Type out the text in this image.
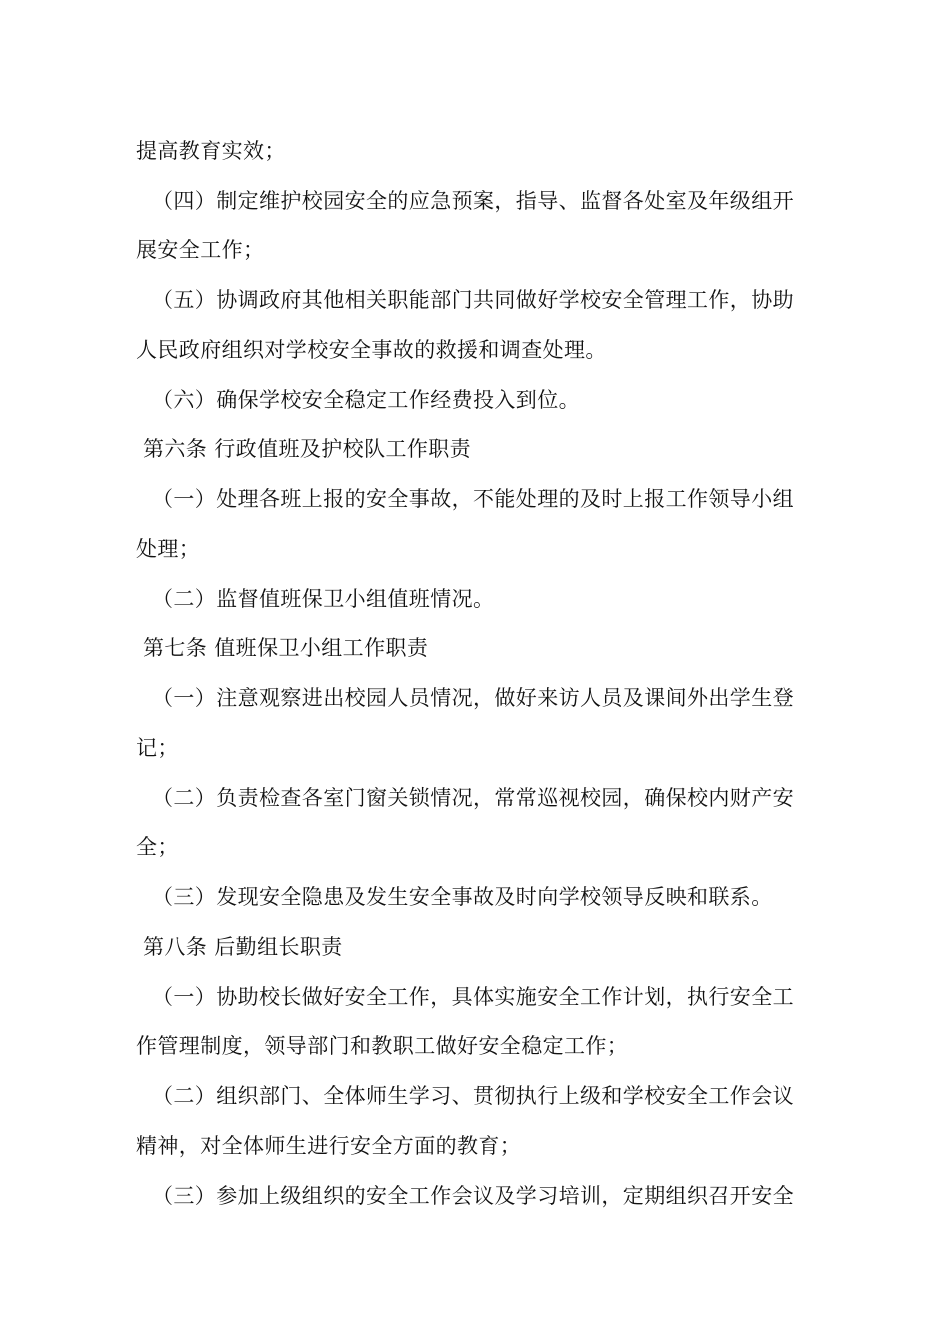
提高教育实效；
（四）制定维护校园安全的应急预案，指导、监督各处室及年级组开
展安全工作；
（五）协调政府其他相关职能部门共同做好学校安全管理工作，协助
人民政府组织对学校安全事故的救援和调查处理。
（六）确保学校安全稳定工作经费投入到位。
第六条 行政值班及护校队工作职责
（一）处理各班上报的安全事故，不能处理的及时上报工作领导小组
处理；
（二）监督值班保卫小组值班情况。
第七条 值班保卫小组工作职责
（一）注意观察进出校园人员情况，做好来访人员及课间外出学生登
记；
（二）负责检查各室门窗关锁情况，常常巡视校园，确保校内财产安
全；
（三）发现安全隐患及发生安全事故及时向学校领导反映和联系。
第八条 后勤组长职责
（一）协助校长做好安全工作，具体实施安全工作计划，执行安全工
作管理制度，领导部门和教职工做好安全稳定工作；
（二）组织部门、全体师生学习、贯彻执行上级和学校安全工作会议
精神，对全体师生进行安全方面的教育；
（三）参加上级组织的安全工作会议及学习培训，定期组织召开安全
